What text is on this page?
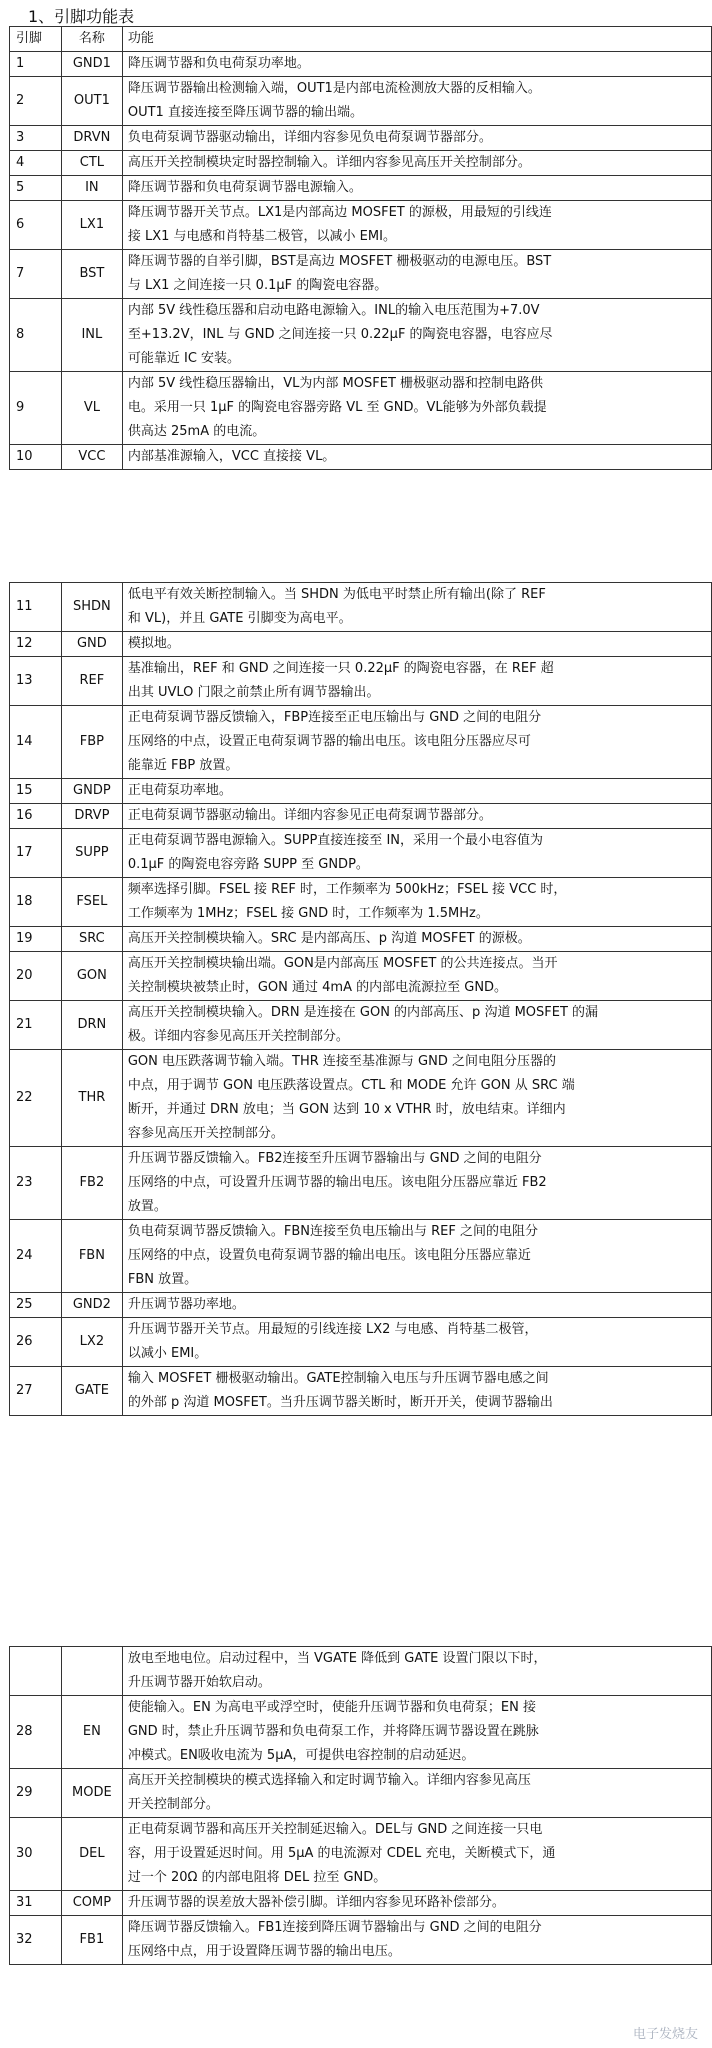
1、引脚功能表
引脚	名称	功能
1	GND1	降压调节器和负电荷泵功率地。

2	OUT1	降压调节器输出检测输入端，OUT1是内部电流检测放大器的反相输入。
OUT1 直接连接至降压调节器的输出端。

3	DRVN	负电荷泵调节器驱动输出，详细内容参见负电荷泵调节器部分。

4	CTL	高压开关控制模块定时器控制输入。详细内容参见高压开关控制部分。

5	IN	降压调节器和负电荷泵调节器电源输入。

6	LX1	降压调节器开关节点。LX1是内部高边 MOSFET 的源极，用最短的引线连
接 LX1 与电感和肖特基二极管，以减小 EMI。

7	BST	降压调节器的自举引脚，BST是高边 MOSFET 栅极驱动的电源电压。BST
与 LX1 之间连接一只 0.1μF 的陶瓷电容器。

8	INL	内部 5V 线性稳压器和启动电路电源输入。INL的输入电压范围为+7.0V
至+13.2V，INL 与 GND 之间连接一只 0.22μF 的陶瓷电容器，电容应尽
可能靠近 IC 安装。

9	VL	内部 5V 线性稳压器输出，VL为内部 MOSFET 栅极驱动器和控制电路供
电。采用一只 1μF 的陶瓷电容器旁路 VL 至 GND。VL能够为外部负载提
供高达 25mA 的电流。

10	VCC	内部基准源输入，VCC 直接接 VL。
11	SHDN	低电平有效关断控制输入。当 SHDN 为低电平时禁止所有输出(除了 REF
和 VL)，并且 GATE 引脚变为高电平。

12	GND	模拟地。

13	REF	基准输出，REF 和 GND 之间连接一只 0.22μF 的陶瓷电容器，在 REF 超
出其 UVLO 门限之前禁止所有调节器输出。

14	FBP	正电荷泵调节器反馈输入，FBP连接至正电压输出与 GND 之间的电阻分
压网络的中点，设置正电荷泵调节器的输出电压。该电阻分压器应尽可
能靠近 FBP 放置。

15	GNDP	正电荷泵功率地。

16	DRVP	正电荷泵调节器驱动输出。详细内容参见正电荷泵调节器部分。

17	SUPP	正电荷泵调节器电源输入。SUPP直接连接至 IN，采用一个最小电容值为
0.1μF 的陶瓷电容旁路 SUPP 至 GNDP。

18	FSEL	频率选择引脚。FSEL 接 REF 时，工作频率为 500kHz；FSEL 接 VCC 时，
工作频率为 1MHz；FSEL 接 GND 时，工作频率为 1.5MHz。

19	SRC	高压开关控制模块输入。SRC 是内部高压、p 沟道 MOSFET 的源极。

20	GON	高压开关控制模块输出端。GON是内部高压 MOSFET 的公共连接点。当开
关控制模块被禁止时，GON 通过 4mA 的内部电流源拉至 GND。

21	DRN	高压开关控制模块输入。DRN 是连接在 GON 的内部高压、p 沟道 MOSFET 的漏
极。详细内容参见高压开关控制部分。

22	THR	GON 电压跌落调节输入端。THR 连接至基准源与 GND 之间电阻分压器的
中点，用于调节 GON 电压跌落设置点。CTL 和 MODE 允许 GON 从 SRC 端
断开，并通过 DRN 放电；当 GON 达到 10 x VTHR 时，放电结束。详细内
容参见高压开关控制部分。

23	FB2	升压调节器反馈输入。FB2连接至升压调节器输出与 GND 之间的电阻分
压网络的中点，可设置升压调节器的输出电压。该电阻分压器应靠近 FB2
放置。

24	FBN	负电荷泵调节器反馈输入。FBN连接至负电压输出与 REF 之间的电阻分
压网络的中点，设置负电荷泵调节器的输出电压。该电阻分压器应靠近
FBN 放置。

25	GND2	升压调节器功率地。

26	LX2	升压调节器开关节点。用最短的引线连接 LX2 与电感、肖特基二极管，
以减小 EMI。

27	GATE	输入 MOSFET 栅极驱动输出。GATE控制输入电压与升压调节器电感之间
的外部 p 沟道 MOSFET。当升压调节器关断时，断开开关，使调节器输出

		放电至地电位。启动过程中，当 VGATE 降低到 GATE 设置门限以下时，
升压调节器开始软启动。

28	EN	使能输入。EN 为高电平或浮空时，使能升压调节器和负电荷泵；EN 接
GND 时，禁止升压调节器和负电荷泵工作，并将降压调节器设置在跳脉
冲模式。EN吸收电流为 5μA，可提供电容控制的启动延迟。

29	MODE	高压开关控制模块的模式选择输入和定时调节输入。详细内容参见高压
开关控制部分。

30	DEL	正电荷泵调节器和高压开关控制延迟输入。DEL与 GND 之间连接一只电
容，用于设置延迟时间。用 5μA 的电流源对 CDEL 充电，关断模式下，通
过一个 20Ω 的内部电阻将 DEL 拉至 GND。

31	COMP	升压调节器的误差放大器补偿引脚。详细内容参见环路补偿部分。

32	FB1	降压调节器反馈输入。FB1连接到降压调节器输出与 GND 之间的电阻分
压网络中点，用于设置降压调节器的输出电压。
电子发烧友
